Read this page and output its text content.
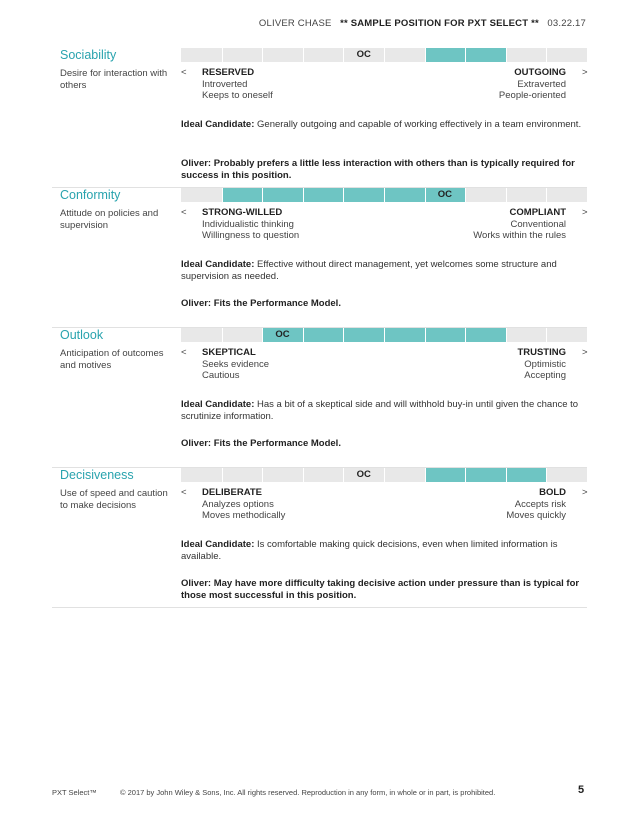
OLIVER CHASE ** SAMPLE POSITION FOR PXT SELECT ** 03.22.17
Sociability
Desire for interaction with others
OC
<	>
RESERVED
Introverted
Keeps to oneself
OUTGOING
Extraverted
People-oriented
Ideal Candidate: Generally outgoing and capable of working effectively in a team environment.
Oliver: Probably prefers a little less interaction with others than is typically required for success in this position.
Conformity
Attitude on policies and supervision
OC
<	>
STRONG-WILLED
Individualistic thinking
Willingness to question
COMPLIANT
Conventional
Works within the rules
Ideal Candidate: Effective without direct management, yet welcomes some structure and supervision as needed.
Oliver: Fits the Performance Model.
Outlook
Anticipation of outcomes and motives
OC
<	>
SKEPTICAL
Seeks evidence
Cautious
TRUSTING
Optimistic
Accepting
Ideal Candidate: Has a bit of a skeptical side and will withhold buy-in until given the chance to scrutinize information.
Oliver: Fits the Performance Model.
Decisiveness
Use of speed and caution to make decisions
OC
<	>
DELIBERATE
Analyzes options
Moves methodically
BOLD
Accepts risk
Moves quickly
Ideal Candidate: Is comfortable making quick decisions, even when limited information is available.
Oliver: May have more difficulty taking decisive action under pressure than is typical for those most successful in this position.
PXT Select™	© 2017 by John Wiley & Sons, Inc. All rights reserved. Reproduction in any form, in whole or in part, is prohibited.	5
